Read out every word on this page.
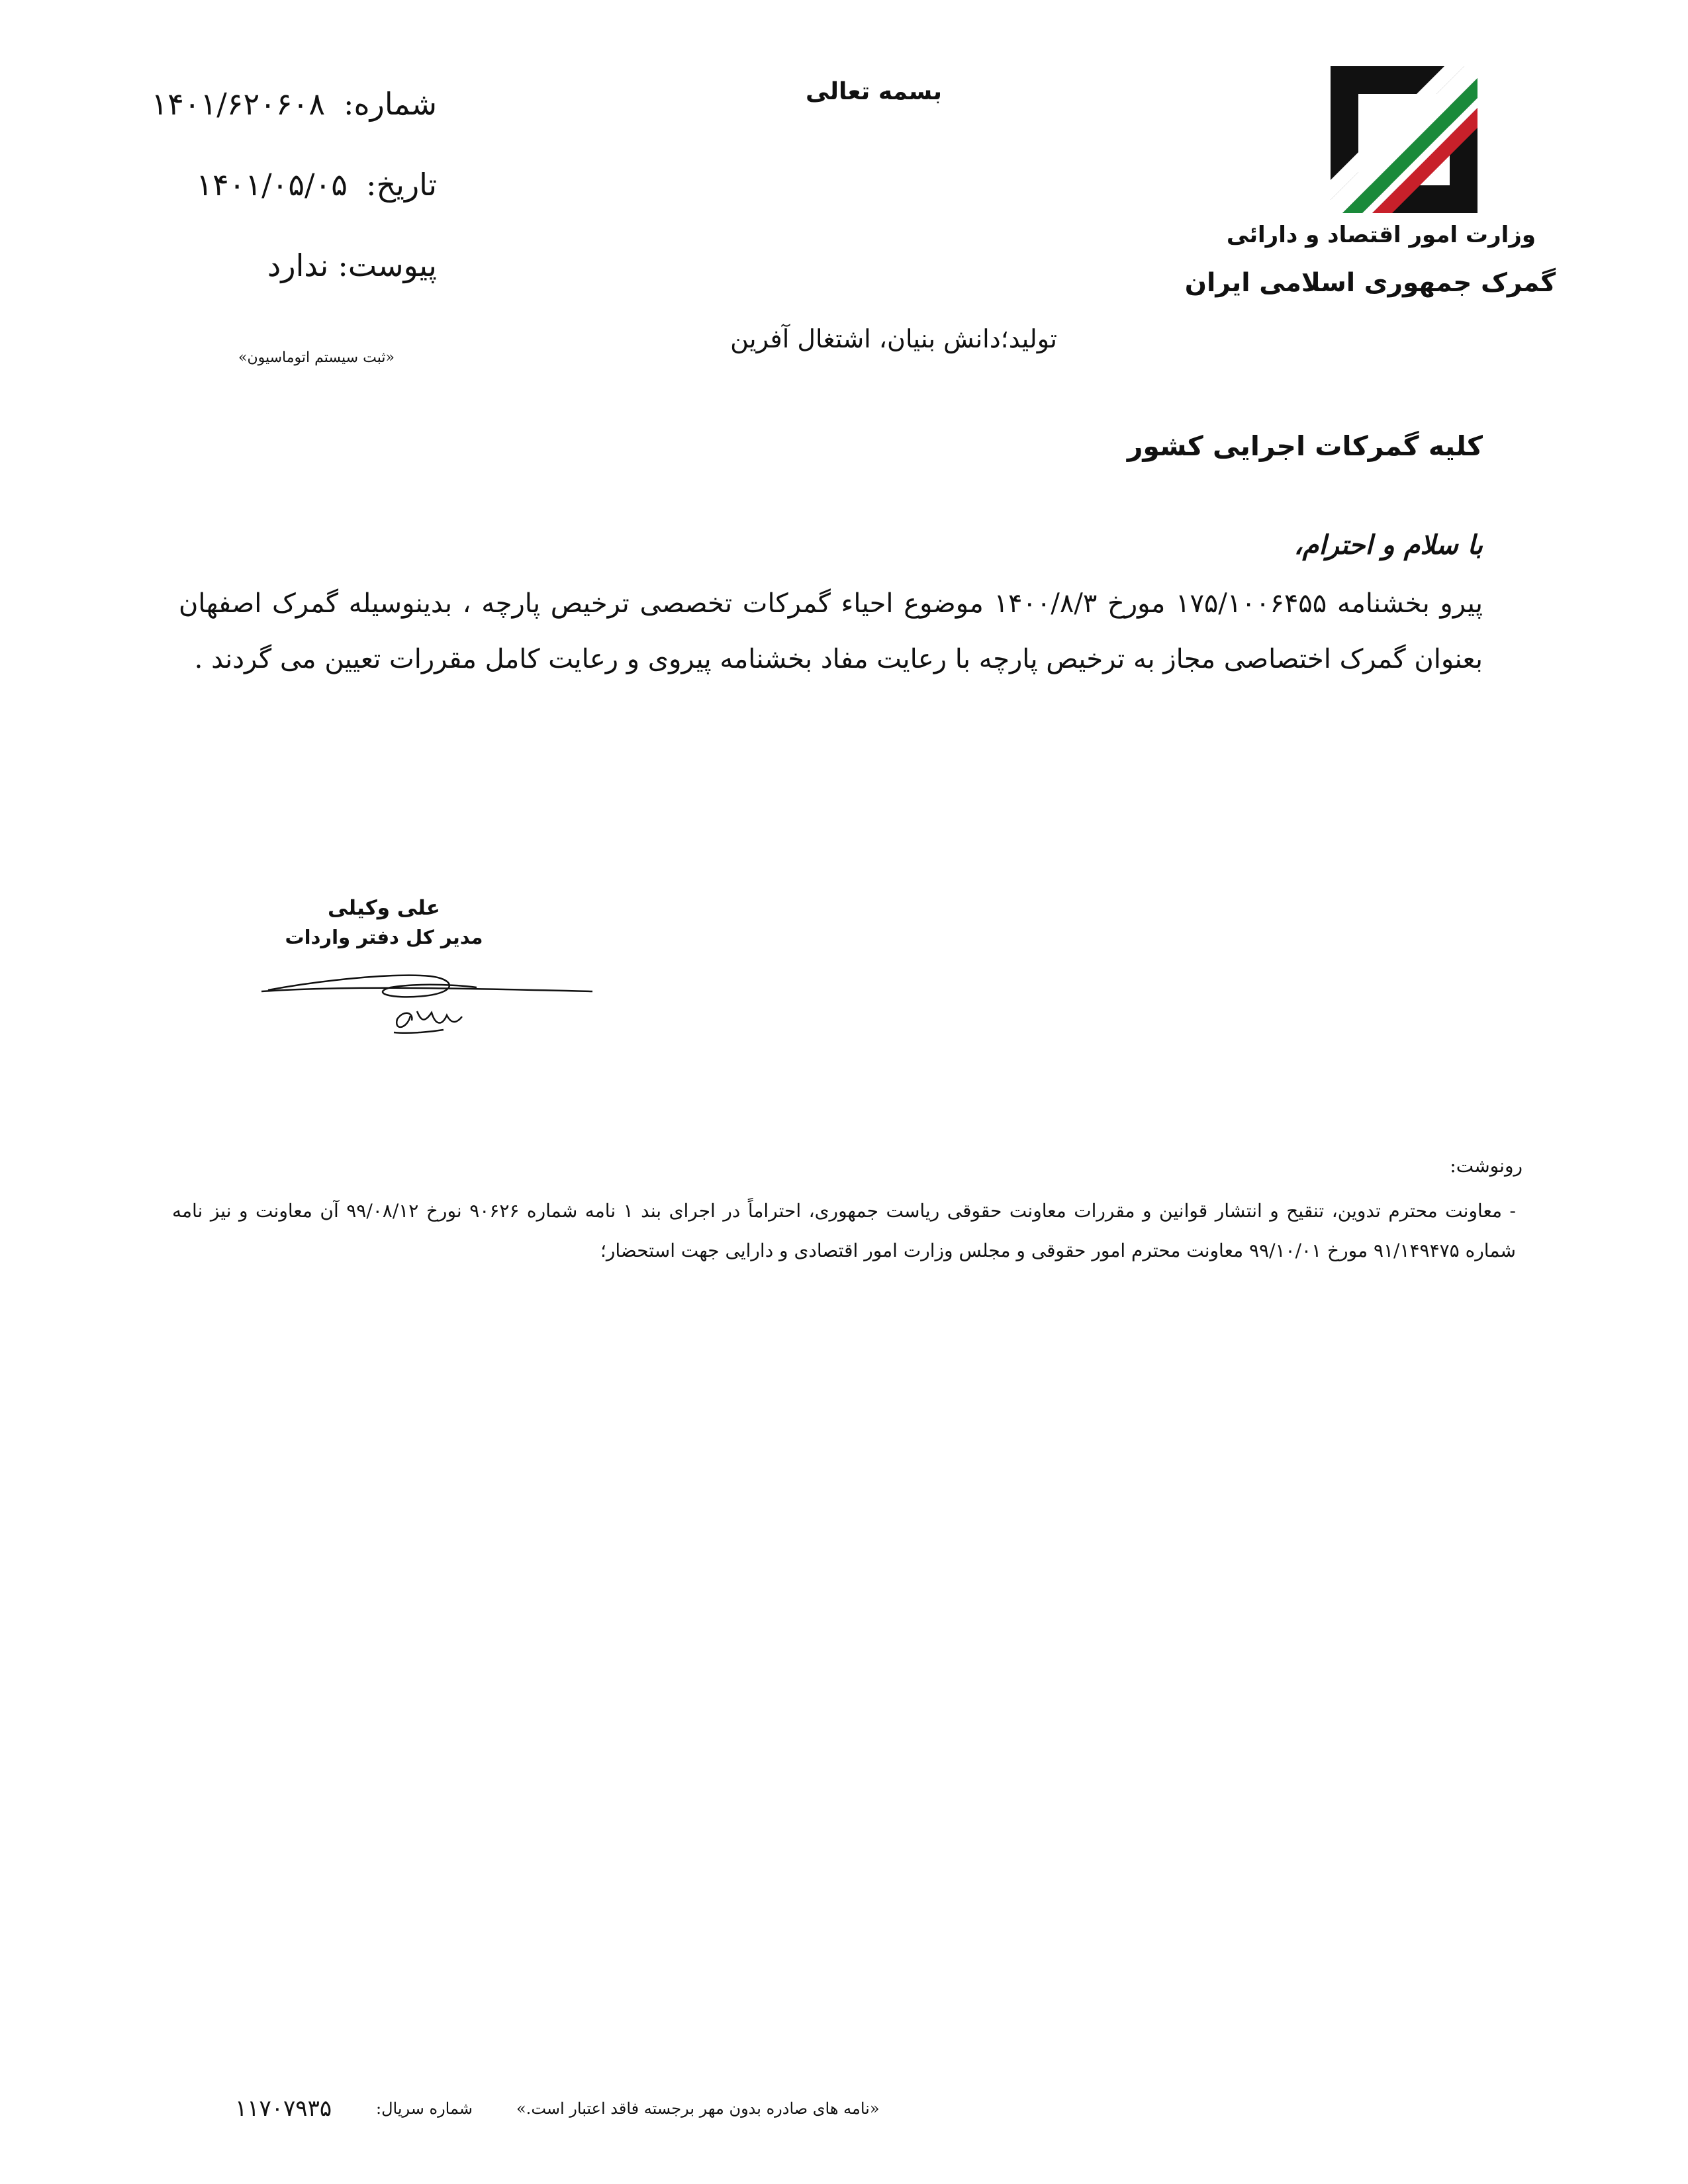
وزارت امور اقتصاد و دارائی
گمرک جمهوری اسلامی ایران
بسمه تعالی
تولید؛دانش بنیان، اشتغال آفرین
شماره:۱۴۰۱/۶۲۰۶۰۸
تاریخ:۱۴۰۱/۰۵/۰۵
پیوست:ندارد
«ثبت سیستم اتوماسیون»
کلیه گمرکات اجرایی کشور
با سلام و احترام،
پیرو بخشنامه ۱۷۵/۱۰۰۶۴۵۵ مورخ ۱۴۰۰/۸/۳ موضوع احیاء گمرکات تخصصی ترخیص پارچه ، بدینوسیله گمرک اصفهان بعنوان گمرک اختصاصی مجاز به ترخیص پارچه با رعایت مفاد بخشنامه پیروی و رعایت کامل مقررات تعیین می گردند .
علی وکیلی
مدیر کل دفتر واردات
رونوشت:
- معاونت محترم تدوین، تنقیح و انتشار قوانین و مقررات معاونت حقوقی ریاست جمهوری، احتراماً در اجرای بند ۱ نامه شماره ۹۰۶۲۶ نورخ ۹۹/۰۸/۱۲ آن معاونت و نیز نامه شماره ۹۱/۱۴۹۴۷۵ مورخ ۹۹/۱۰/۰۱ معاونت محترم امور حقوقی و مجلس وزارت امور اقتصادی و دارایی جهت استحضار؛
«نامه های صادره بدون مهر برجسته فاقد اعتبار است.»
شماره سریال:
۱۱۷۰۷۹۳۵
